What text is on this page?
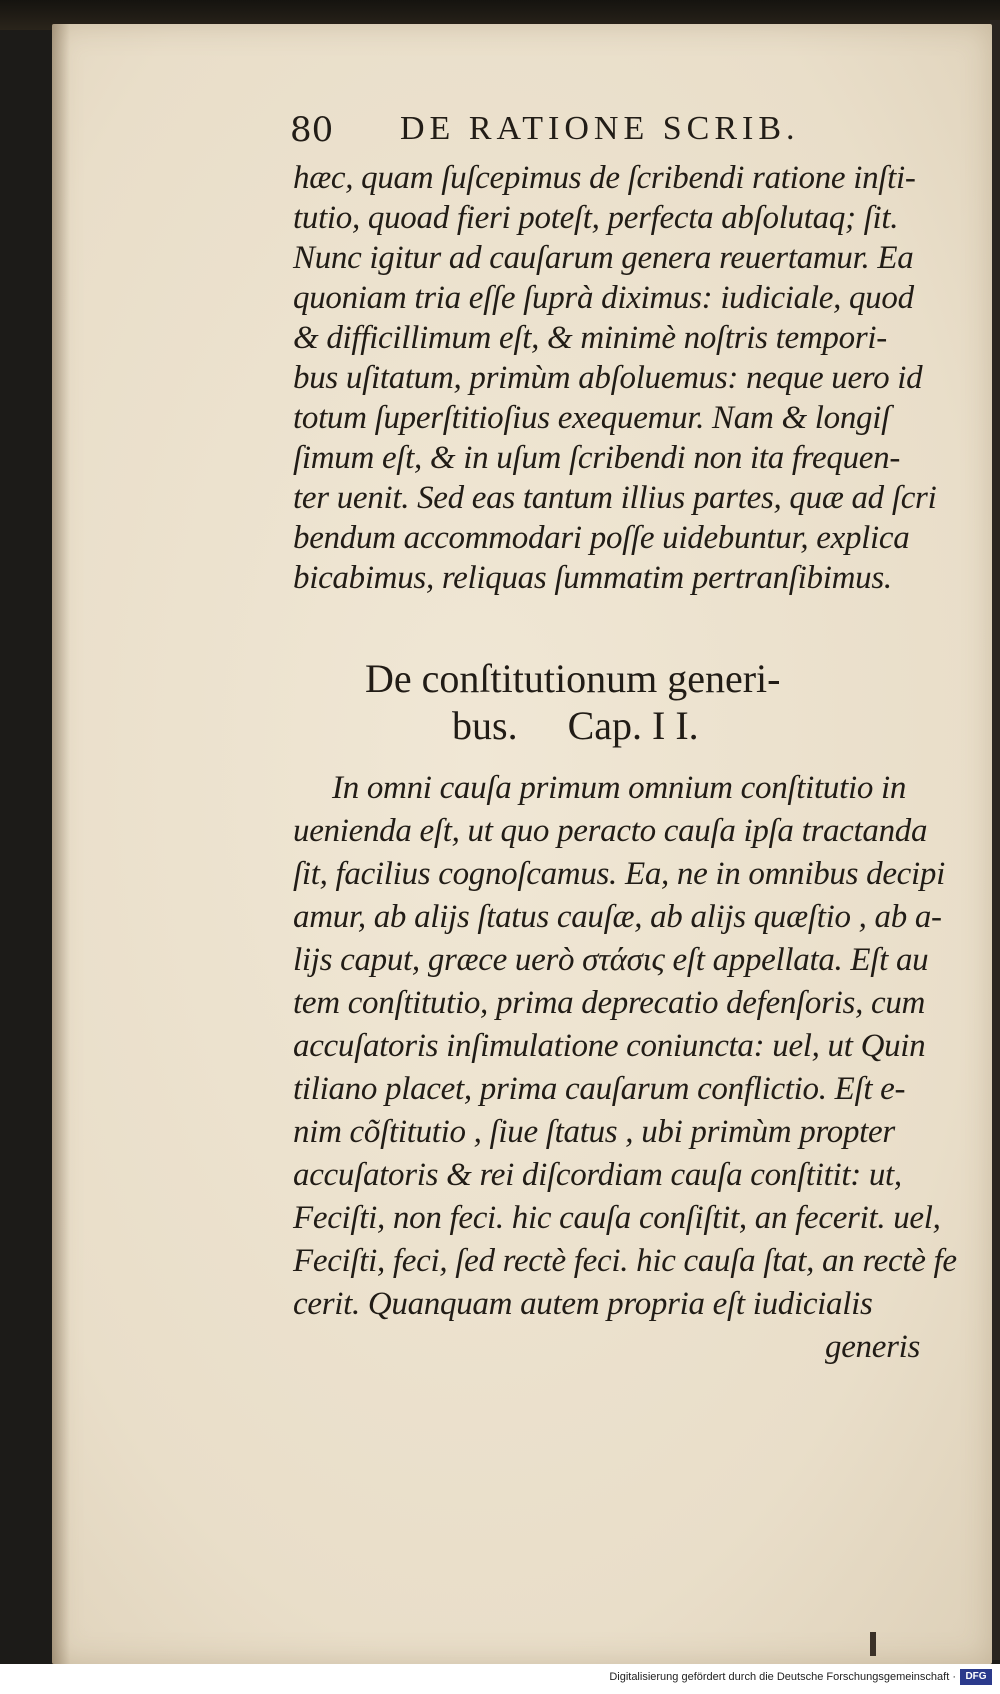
80 DE RATIONE SCRIB.
hæc, quam ſuſcepimus de ſcribendi ratione inſti-
tutio, quoad fieri poteſt, perfecta abſolutaq; ſit.
Nunc igitur ad cauſarum genera reuertamur. Ea
quoniam tria eſſe ſuprà diximus: iudiciale, quod
& difficillimum eſt, & minimè noſtris tempori-
bus uſitatum, primùm abſoluemus: neque uero id
totum ſuperſtitioſius exequemur. Nam & longiſ
ſimum eſt, & in uſum ſcribendi non ita frequen-
ter uenit. Sed eas tantum illius partes, quæ ad ſcri
bendum accommodari poſſe uidebuntur, explica
bicabimus, reliquas ſummatim pertranſibimus.
De conſtitutionum generi-
bus.     Cap. I I.
In omni cauſa primum omnium conſtitutio in
ueniendа eſt, ut quo peracto cauſa ipſa tractanda
ſit, facilius cognoſcamus. Ea, ne in omnibus decipi
amur, ab alijs ſtatus cauſæ, ab alijs quæſtio , ab a-
lijs caput, græce uerò στάσις eſt appellata. Eſt au
tem conſtitutio, prima deprecatio defenſoris, cum
accuſatoris inſimulatione coniuncta: uel, ut Quin
tiliano placet, prima cauſarum conflictio. Eſt e-
nim cõſtitutio , ſiue ſtatus , ubi primùm propter
accuſatoris & rei diſcordiam cauſa conſtitit: ut,
Feciſti, non feci. hic cauſa conſiſtit, an fecerit. uel,
Feciſti, feci, ſed rectè feci. hic cauſa ſtat, an rectè fe
cerit. Quanquam autem propria eſt iudicialis
generis
Digitalisierung gefördert durch die Deutsche Forschungsgemeinschaft · DFG
